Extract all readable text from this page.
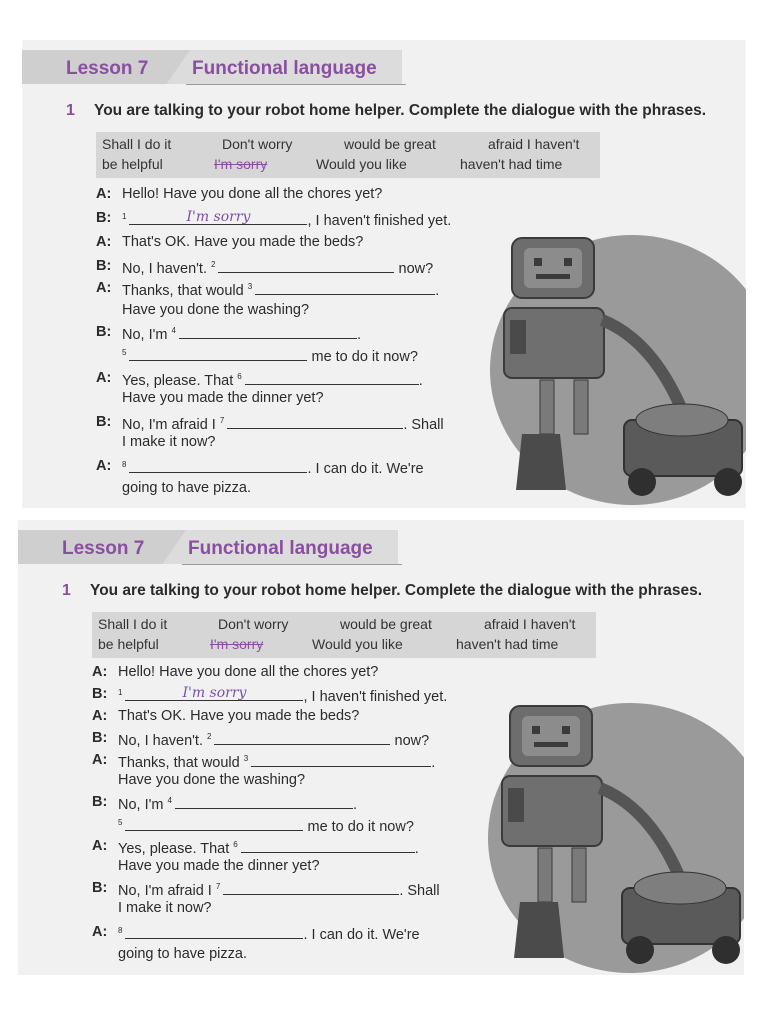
Lesson 7 Functional language
1 You are talking to your robot home helper. Complete the dialogue with the phrases.
Shall I do it	Don't worry	would be great	afraid I haven't
be helpful	I'm sorry	Would you like	haven't had time
A: Hello! Have you done all the chores yet?
B: $^1$	I'm sorry	, I haven't finished yet.
A: That's OK. Have you made the beds?
B: No, I haven't. $^2$	now?
A: Thanks, that would $^3$	.
Have you done the washing?
B: No, I'm $^4$	.
$^5$	me to do it now?
A: Yes, please. That $^6$	.
Have you made the dinner yet?
B: No, I'm afraid I $^7$	. Shall
I make it now?
A: $^8$	. I can do it. We're
going to have pizza.
Lesson 7 Functional language
1 You are talking to your robot home helper. Complete the dialogue with the phrases.
Shall I do it	Don't worry	would be great	afraid I haven't
be helpful	I'm sorry	Would you like	haven't had time
A: Hello! Have you done all the chores yet?
B: $^1$	I'm sorry	, I haven't finished yet.
A: That's OK. Have you made the beds?
B: No, I haven't. $^2$	now?
A: Thanks, that would $^3$	.
Have you done the washing?
B: No, I'm $^4$	.
$^5$	me to do it now?
A: Yes, please. That $^6$	.
Have you made the dinner yet?
B: No, I'm afraid I $^7$	. Shall
I make it now?
A: $^8$	. I can do it. We're
going to have pizza.
